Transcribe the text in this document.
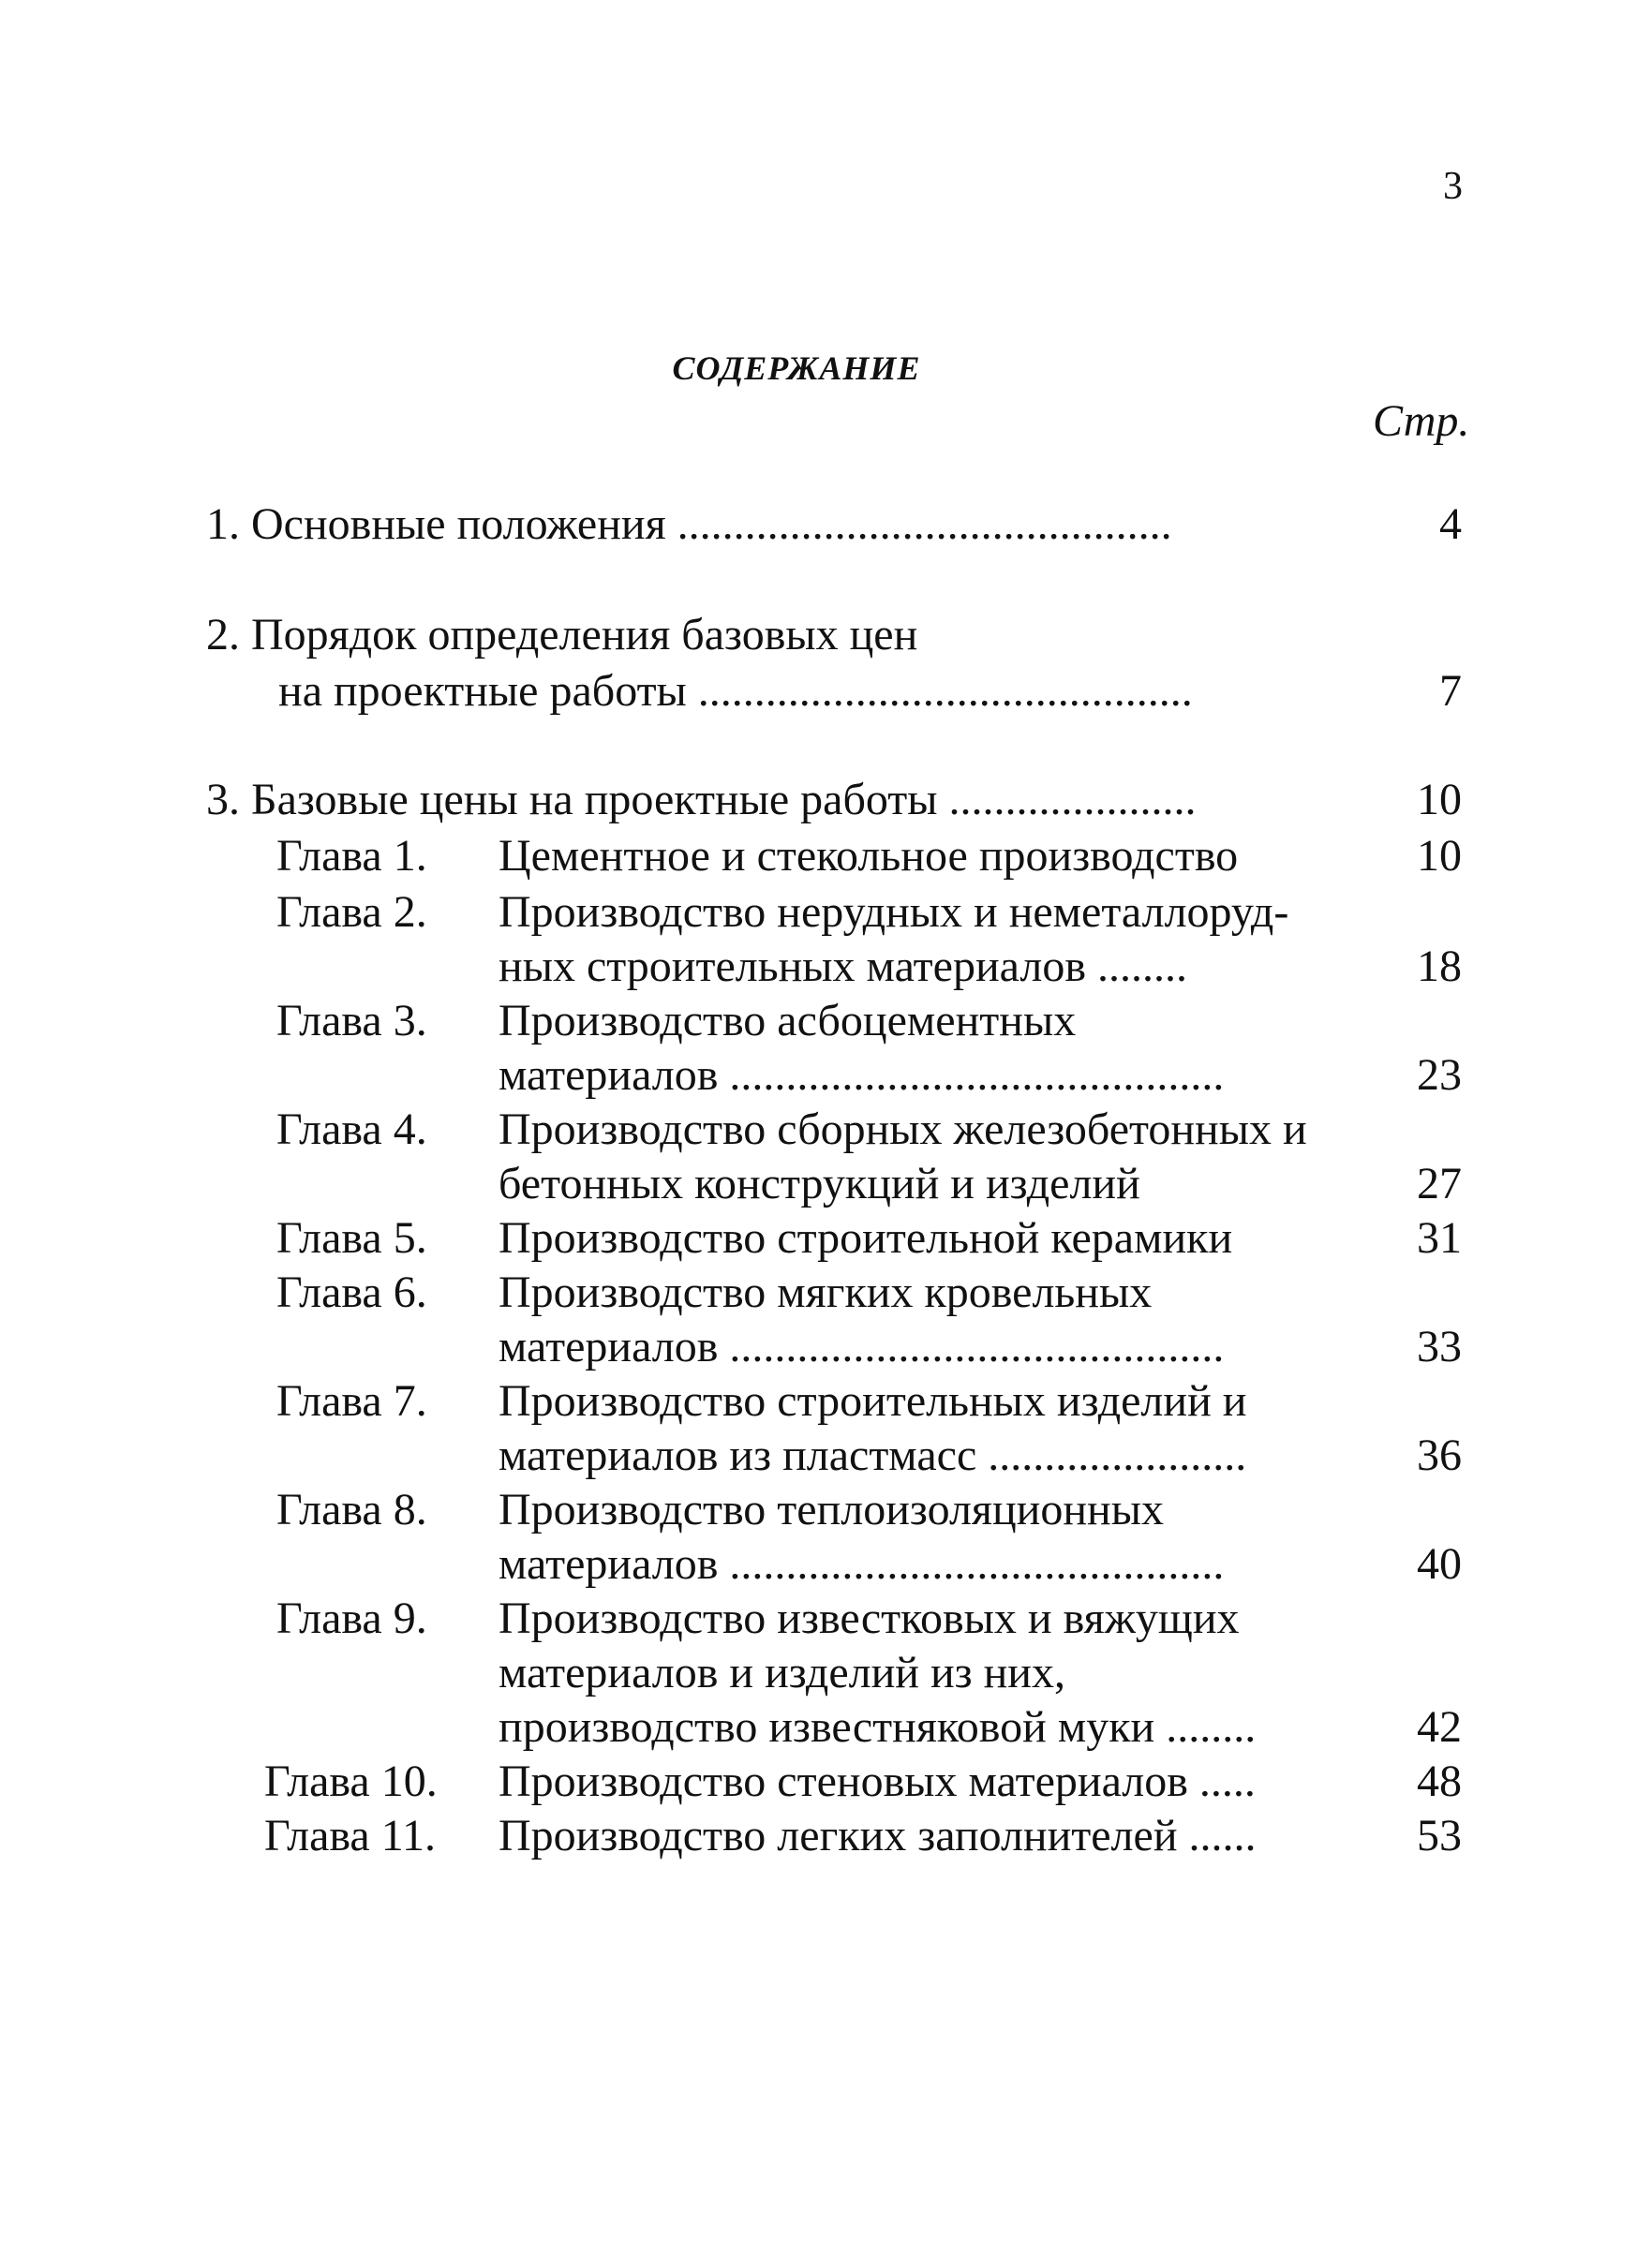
3
СОДЕРЖАНИЕ
Стр.
1. Основные положения ............................................	4
2. Порядок определения базовых цен
на проектные работы ............................................	7
3. Базовые цены на проектные работы ......................	10
Глава 1. Цементное и стекольное производство	10
Глава 2. Производство нерудных и неметаллоруд-
ных строительных материалов ........	18
Глава 3. Производство асбоцементных
материалов ............................................	23
Глава 4. Производство сборных железобетонных и
бетонных конструкций и изделий	27
Глава 5. Производство строительной керамики	31
Глава 6. Производство мягких кровельных
материалов ............................................	33
Глава 7. Производство строительных изделий и
материалов из пластмасс .......................	36
Глава 8. Производство теплоизоляционных
материалов ............................................	40
Глава 9. Производство известковых и вяжущих
материалов и изделий из них,
производство известняковой муки ........	42
Глава 10. Производство стеновых материалов .....	48
Глава 11. Производство легких заполнителей ......	53
